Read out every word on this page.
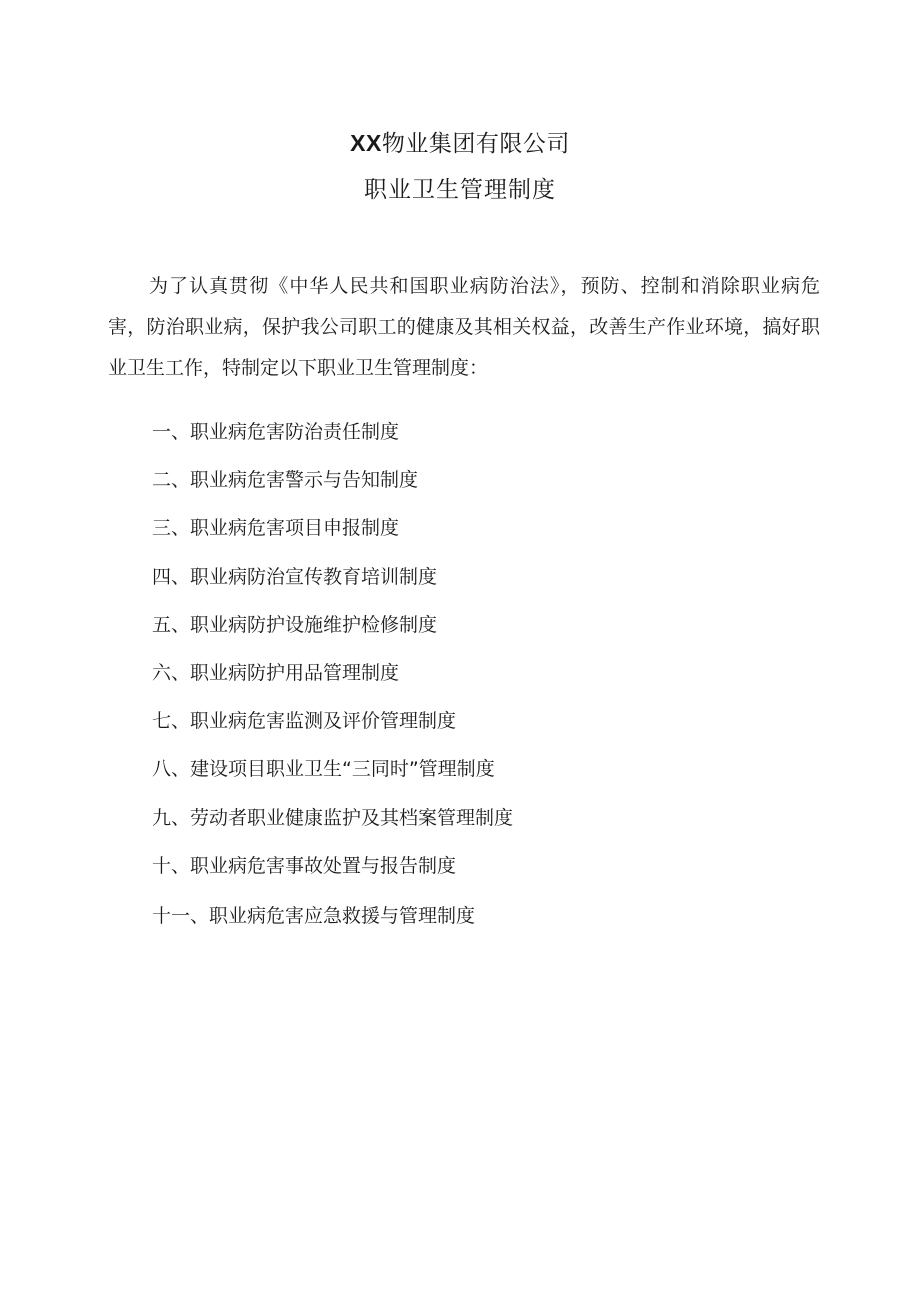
XX物业集团有限公司
职业卫生管理制度

为了认真贯彻《中华人民共和国职业病防治法》，预防、控制和消除职业病危害，防治职业病，保护我公司职工的健康及其相关权益，改善生产作业环境，搞好职业卫生工作，特制定以下职业卫生管理制度：

一、职业病危害防治责任制度
二、职业病危害警示与告知制度
三、职业病危害项目申报制度
四、职业病防治宣传教育培训制度
五、职业病防护设施维护检修制度
六、职业病防护用品管理制度
七、职业病危害监测及评价管理制度
八、建设项目职业卫生“三同时”管理制度
九、劳动者职业健康监护及其档案管理制度
十、职业病危害事故处置与报告制度
十一、职业病危害应急救援与管理制度
